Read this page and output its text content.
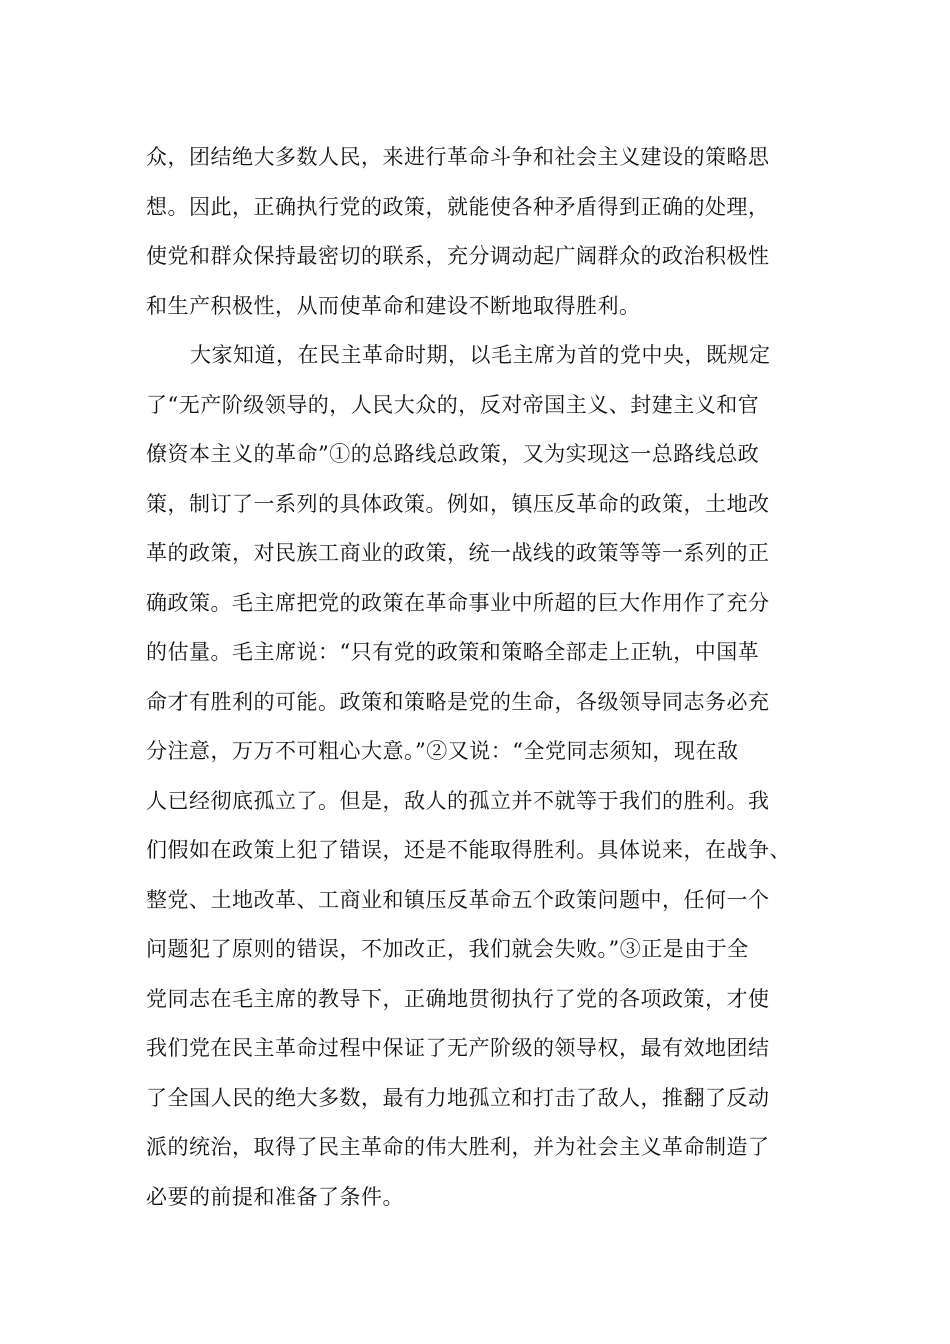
众，团结绝大多数人民，来进行革命斗争和社会主义建设的策略思
想。因此，正确执行党的政策，就能使各种矛盾得到正确的处理，
使党和群众保持最密切的联系，充分调动起广阔群众的政治积极性
和生产积极性，从而使革命和建设不断地取得胜利。
大家知道，在民主革命时期，以毛主席为首的党中央，既规定
了“无产阶级领导的，人民大众的，反对帝国主义、封建主义和官
僚资本主义的革命”①的总路线总政策，又为实现这一总路线总政
策，制订了一系列的具体政策。例如，镇压反革命的政策，土地改
革的政策，对民族工商业的政策，统一战线的政策等等一系列的正
确政策。毛主席把党的政策在革命事业中所超的巨大作用作了充分
的估量。毛主席说：“只有党的政策和策略全部走上正轨，中国革
命才有胜利的可能。政策和策略是党的生命，各级领导同志务必充
分注意，万万不可粗心大意。”②又说：“全党同志须知，现在敌
人已经彻底孤立了。但是，敌人的孤立并不就等于我们的胜利。我
们假如在政策上犯了错误，还是不能取得胜利。具体说来，在战争、
整党、土地改革、工商业和镇压反革命五个政策问题中，任何一个
问题犯了原则的错误，不加改正，我们就会失败。”③正是由于全
党同志在毛主席的教导下，正确地贯彻执行了党的各项政策，才使
我们党在民主革命过程中保证了无产阶级的领导权，最有效地团结
了全国人民的绝大多数，最有力地孤立和打击了敌人，推翻了反动
派的统治，取得了民主革命的伟大胜利，并为社会主义革命制造了
必要的前提和准备了条件。
